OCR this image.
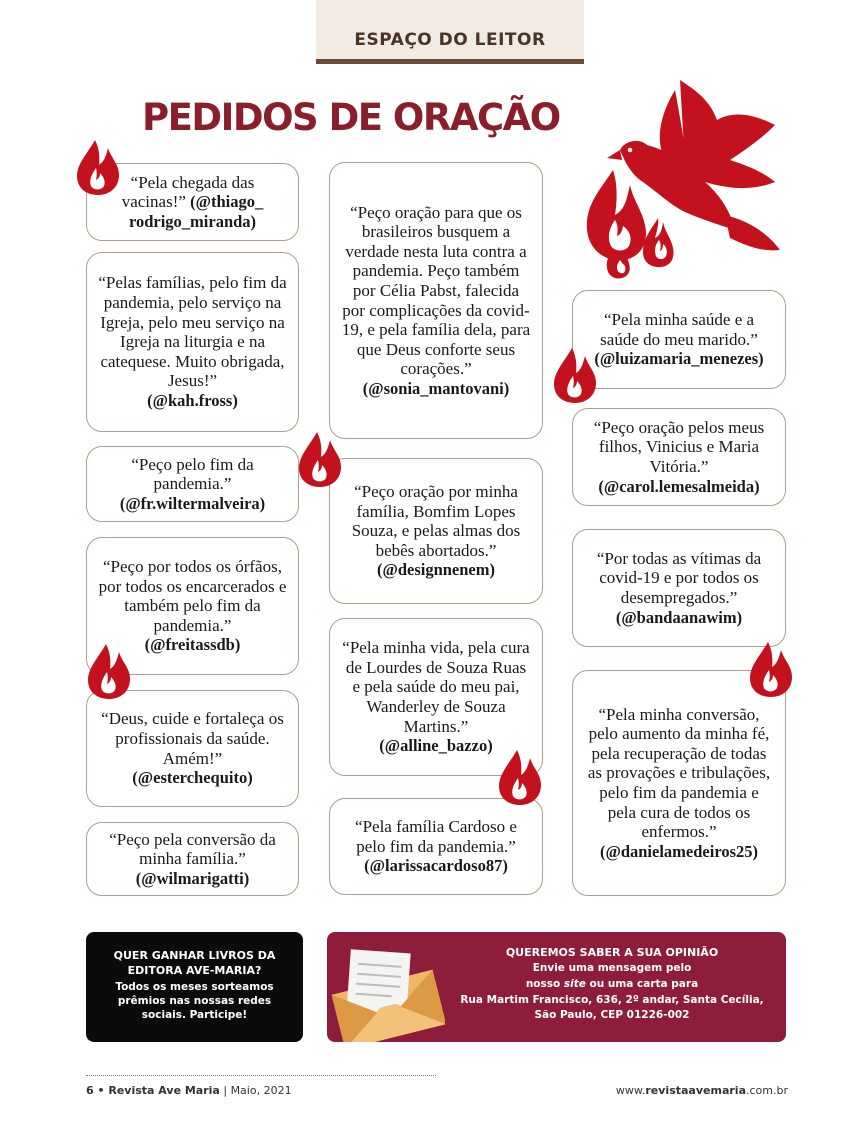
ESPAÇO DO LEITOR
PEDIDOS DE ORAÇÃO
“Pela chegada das vacinas!” (@thiago_ rodrigo_miranda)
“Pelas famílias, pelo fim da pandemia, pelo serviço na Igreja, pelo meu serviço na Igreja na liturgia e na catequese. Muito obrigada, Jesus!”
(@kah.fross)
“Peço pelo fim da pandemia.”
(@fr.wiltermalveira)
“Peço por todos os órfãos, por todos os encarcerados e também pelo fim da pandemia.”
(@freitassdb)
“Deus, cuide e fortaleça os profissionais da saúde. Amém!”
(@esterchequito)
“Peço pela conversão da minha família.”
(@wilmarigatti)
“Peço oração para que os brasileiros busquem a verdade nesta luta contra a pandemia. Peço também por Célia Pabst, falecida por complicações da covid-19, e pela família dela, para que Deus conforte seus corações.”
(@sonia_mantovani)
“Peço oração por minha família, Bomfim Lopes Souza, e pelas almas dos bebês abortados.”
(@designnenem)
“Pela minha vida, pela cura de Lourdes de Souza Ruas e pela saúde do meu pai, Wanderley de Souza Martins.”
(@alline_bazzo)
“Pela família Cardoso e pelo fim da pandemia.”
(@larissacardoso87)
“Pela minha saúde e a saúde do meu marido.”
(@luizamaria_menezes)
“Peço oração pelos meus filhos, Vinicius e Maria Vitória.”
(@carol.lemesalmeida)
“Por todas as vítimas da covid-19 e por todos os desempregados.”
(@bandaanawim)
“Pela minha conversão, pelo aumento da minha fé, pela recuperação de todas as provações e tribulações, pelo fim da pandemia e pela cura de todos os enfermos.”
(@danielamedeiros25)
QUER GANHAR LIVROS DA EDITORA AVE-MARIA?
Todos os meses sorteamos prêmios nas nossas redes sociais. Participe!
QUEREMOS SABER A SUA OPINIÃO
Envie uma mensagem pelo
nosso site ou uma carta para
Rua Martim Francisco, 636, 2º andar, Santa Cecília,
São Paulo, CEP 01226-002
6 • Revista Ave Maria | Maio, 2021	www.revistaavemaria.com.br
